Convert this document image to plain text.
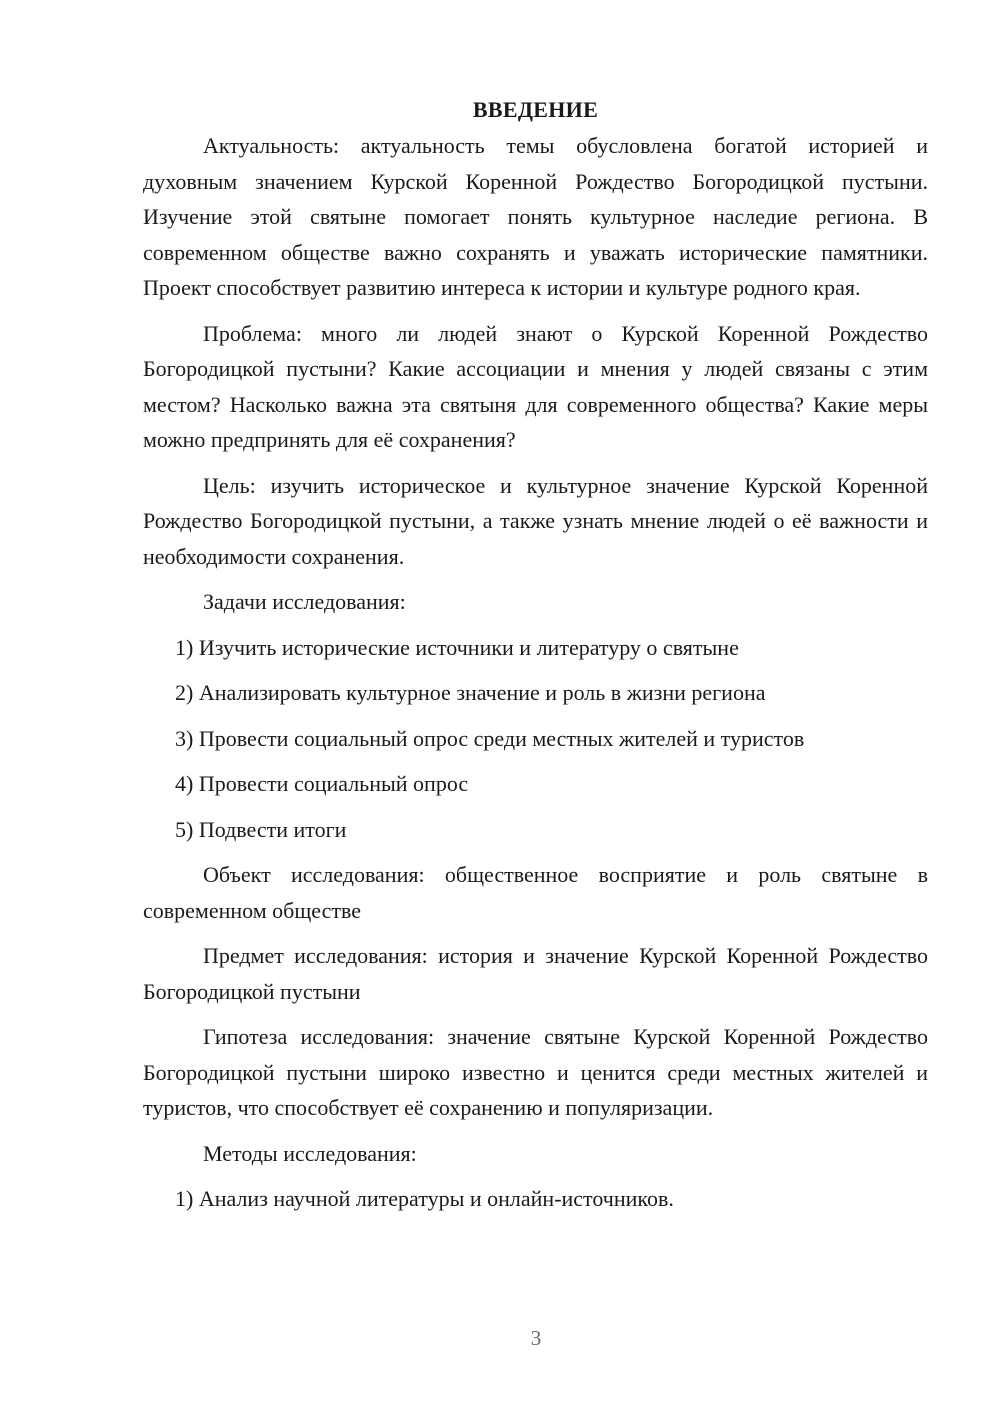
ВВЕДЕНИЕ

Актуальность: актуальность темы обусловлена богатой историей и духовным значением Курской Коренной Рождество Богородицкой пустыни. Изучение этой святыне помогает понять культурное наследие региона. В современном обществе важно сохранять и уважать исторические памятники. Проект способствует развитию интереса к истории и культуре родного края.

Проблема: много ли людей знают о Курской Коренной Рождество Богородицкой пустыни? Какие ассоциации и мнения у людей связаны с этим местом? Насколько важна эта святыня для современного общества? Какие меры можно предпринять для её сохранения?

Цель: изучить историческое и культурное значение Курской Коренной Рождество Богородицкой пустыни, а также узнать мнение людей о её важности и необходимости сохранения.

Задачи исследования:

1) Изучить исторические источники и литературу о святыне
2) Анализировать культурное значение и роль в жизни региона
3) Провести социальный опрос среди местных жителей и туристов
4) Провести социальный опрос
5) Подвести итоги

Объект исследования: общественное восприятие и роль святыне в современном обществе

Предмет исследования: история и значение Курской Коренной Рождество Богородицкой пустыни

Гипотеза исследования: значение святыне Курской Коренной Рождество Богородицкой пустыни широко известно и ценится среди местных жителей и туристов, что способствует её сохранению и популяризации.

Методы исследования:

1) Анализ научной литературы и онлайн-источников.
3
